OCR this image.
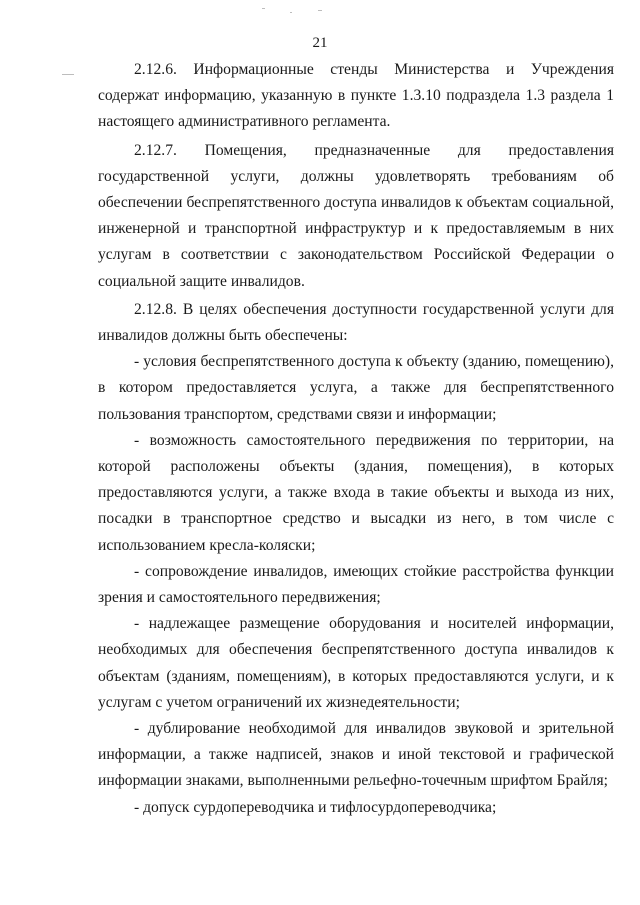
21

2.12.6. Информационные стенды Министерства и Учреждения содержат информацию, указанную в пункте 1.3.10 подраздела 1.3 раздела 1 настоящего административного регламента.

2.12.7. Помещения, предназначенные для предоставления государственной услуги, должны удовлетворять требованиям об обеспечении беспрепятственного доступа инвалидов к объектам социальной, инженерной и транспортной инфраструктур и к предоставляемым в них услугам в соответствии с законодательством Российской Федерации о социальной защите инвалидов.

2.12.8. В целях обеспечения доступности государственной услуги для инвалидов должны быть обеспечены:

- условия беспрепятственного доступа к объекту (зданию, помещению), в котором предоставляется услуга, а также для беспрепятственного пользования транспортом, средствами связи и информации;

- возможность самостоятельного передвижения по территории, на которой расположены объекты (здания, помещения), в которых предоставляются услуги, а также входа в такие объекты и выхода из них, посадки в транспортное средство и высадки из него, в том числе с использованием кресла-коляски;

- сопровождение инвалидов, имеющих стойкие расстройства функции зрения и самостоятельного передвижения;

- надлежащее размещение оборудования и носителей информации, необходимых для обеспечения беспрепятственного доступа инвалидов к объектам (зданиям, помещениям), в которых предоставляются услуги, и к услугам с учетом ограничений их жизнедеятельности;

- дублирование необходимой для инвалидов звуковой и зрительной информации, а также надписей, знаков и иной текстовой и графической информации знаками, выполненными рельефно-точечным шрифтом Брайля;

- допуск сурдопереводчика и тифлосурдопереводчика;
